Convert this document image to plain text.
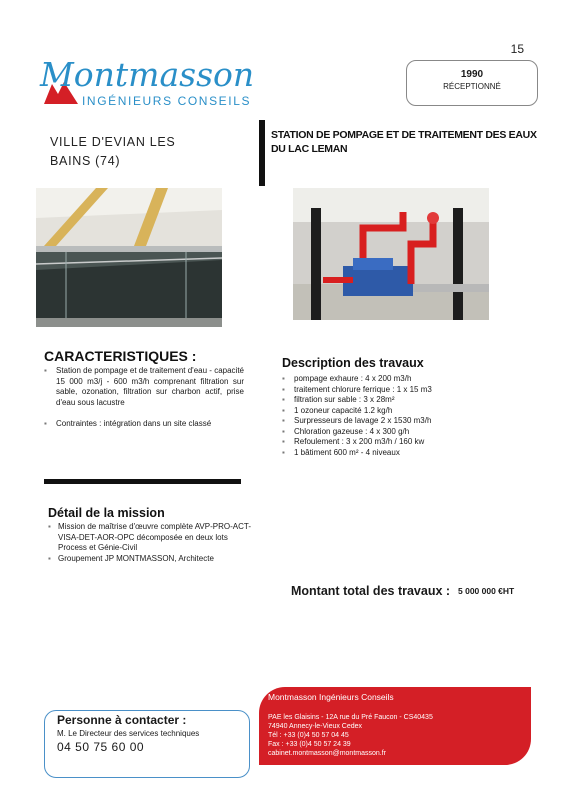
15
Montmasson
INGÉNIEURS CONSEILS
1990
RÉCEPTIONNÉ
VILLE D'EVIAN LES BAINS (74)
STATION DE POMPAGE ET DE TRAITEMENT DES EAUX DU LAC LEMAN
CARACTERISTIQUES :
▪ Station de pompage et de traitement d'eau - capacité 15 000 m3/j - 600 m3/h comprenant filtration sur sable, ozonation, filtration sur charbon actif, prise d'eau sous lacustre
▪ Contraintes : intégration dans un site classé
Description des travaux
▪ pompage exhaure : 4 x 200 m3/h
▪ traitement chlorure ferrique : 1 x 15 m3
▪ filtration sur sable : 3 x 28m²
▪ 1 ozoneur capacité 1.2 kg/h
▪ Surpresseurs de lavage 2 x 1530 m3/h
▪ Chloration gazeuse : 4 x 300 g/h
▪ Refoulement : 3 x 200 m3/h / 160 kw
▪ 1 bâtiment 600 m² - 4 niveaux
Détail de la mission
▪ Mission de maîtrise d'œuvre complète AVP-PRO-ACT-VISA-DET-AOR-OPC décomposée en deux lots Process et Génie-Civil
▪ Groupement JP MONTMASSON, Architecte
Montant total des travaux : 5 000 000 €HT
Personne à contacter :
M. Le Directeur des services techniques
04 50 75 60 00
Montmasson Ingénieurs Conseils
PAE les Glaisins - 12A rue du Pré Faucon - CS40435
74940 Annecy-le-Vieux Cedex
Tél : +33 (0)4 50 57 04 45
Fax : +33 (0)4 50 57 24 39
cabinet.montmasson@montmasson.fr
